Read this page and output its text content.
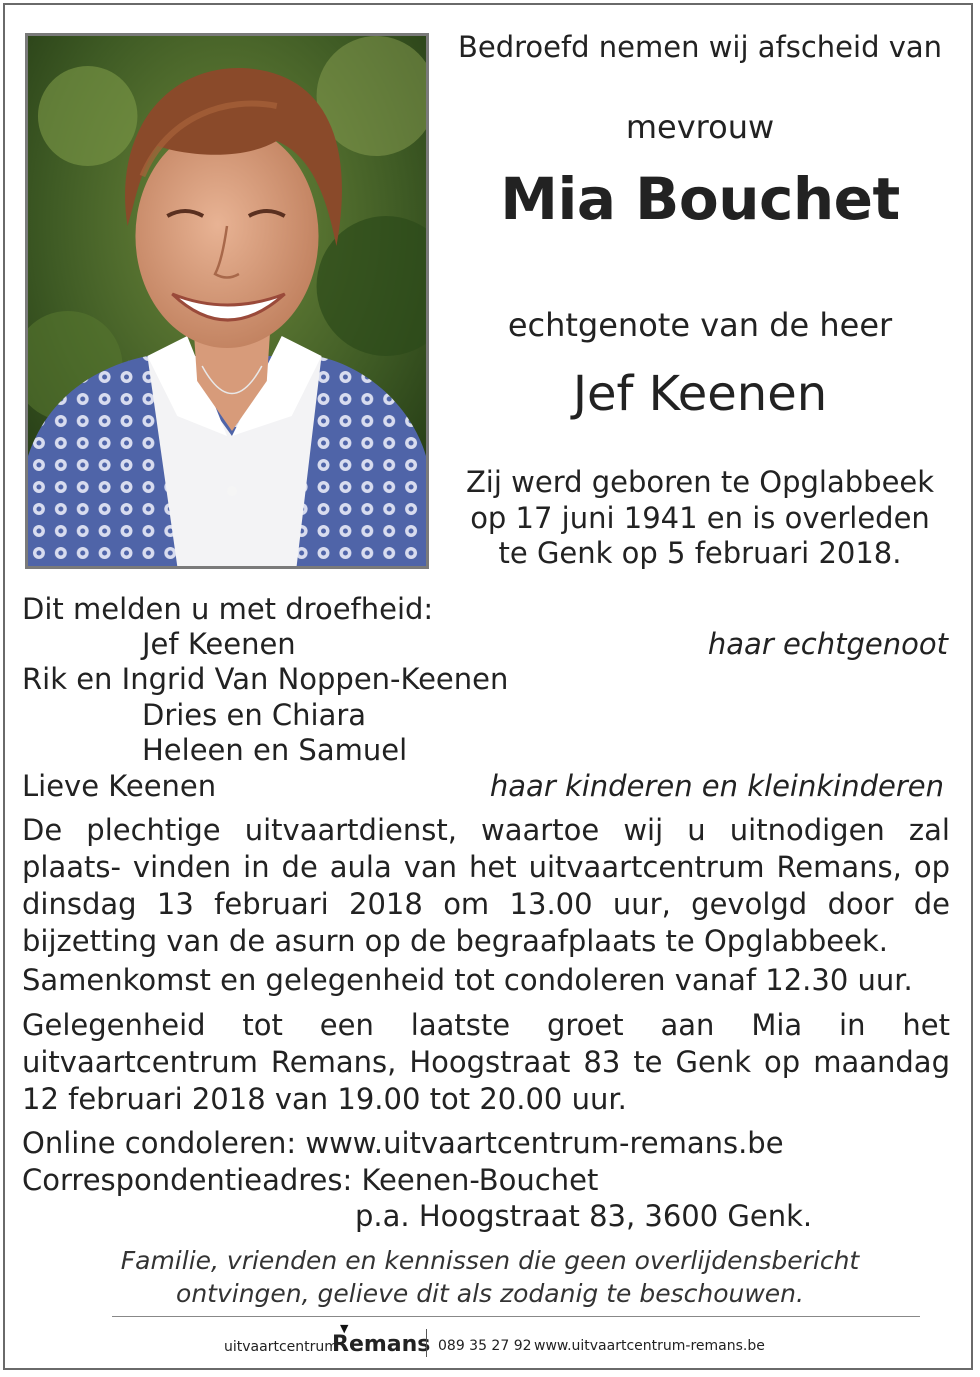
Bedroefd nemen wij afscheid van
mevrouw
Mia Bouchet
echtgenote van de heer
Jef Keenen
Zij werd geboren te Opglabbeek
op 17 juni 1941 en is overleden
te Genk op 5 februari 2018.
Dit melden u met droefheid:
Jef Keenen	haar echtgenoot
Rik en Ingrid Van Noppen-Keenen
Dries en Chiara
Heleen en Samuel
Lieve Keenen	haar kinderen en kleinkinderen
De plechtige uitvaartdienst, waartoe wij u uitnodigen zal plaats- vinden in de aula van het uitvaartcentrum Remans, op dinsdag 13 februari 2018 om 13.00 uur, gevolgd door de bijzetting van de asurn op de begraafplaats te Opglabbeek.
Samenkomst en gelegenheid tot condoleren vanaf 12.30 uur.
Gelegenheid tot een laatste groet aan Mia in het uitvaartcentrum Remans, Hoogstraat 83 te Genk op maandag 12 februari 2018 van 19.00 tot 20.00 uur.
Online condoleren: www.uitvaartcentrum-remans.be
Correspondentieadres: Keenen-Bouchet
p.a. Hoogstraat 83, 3600 Genk.
Familie, vrienden en kennissen die geen overlijdensbericht
ontvingen, gelieve dit als zodanig te beschouwen.
uitvaartcentrum
▼
Remans 089 35 27 92 www.uitvaartcentrum-remans.be
